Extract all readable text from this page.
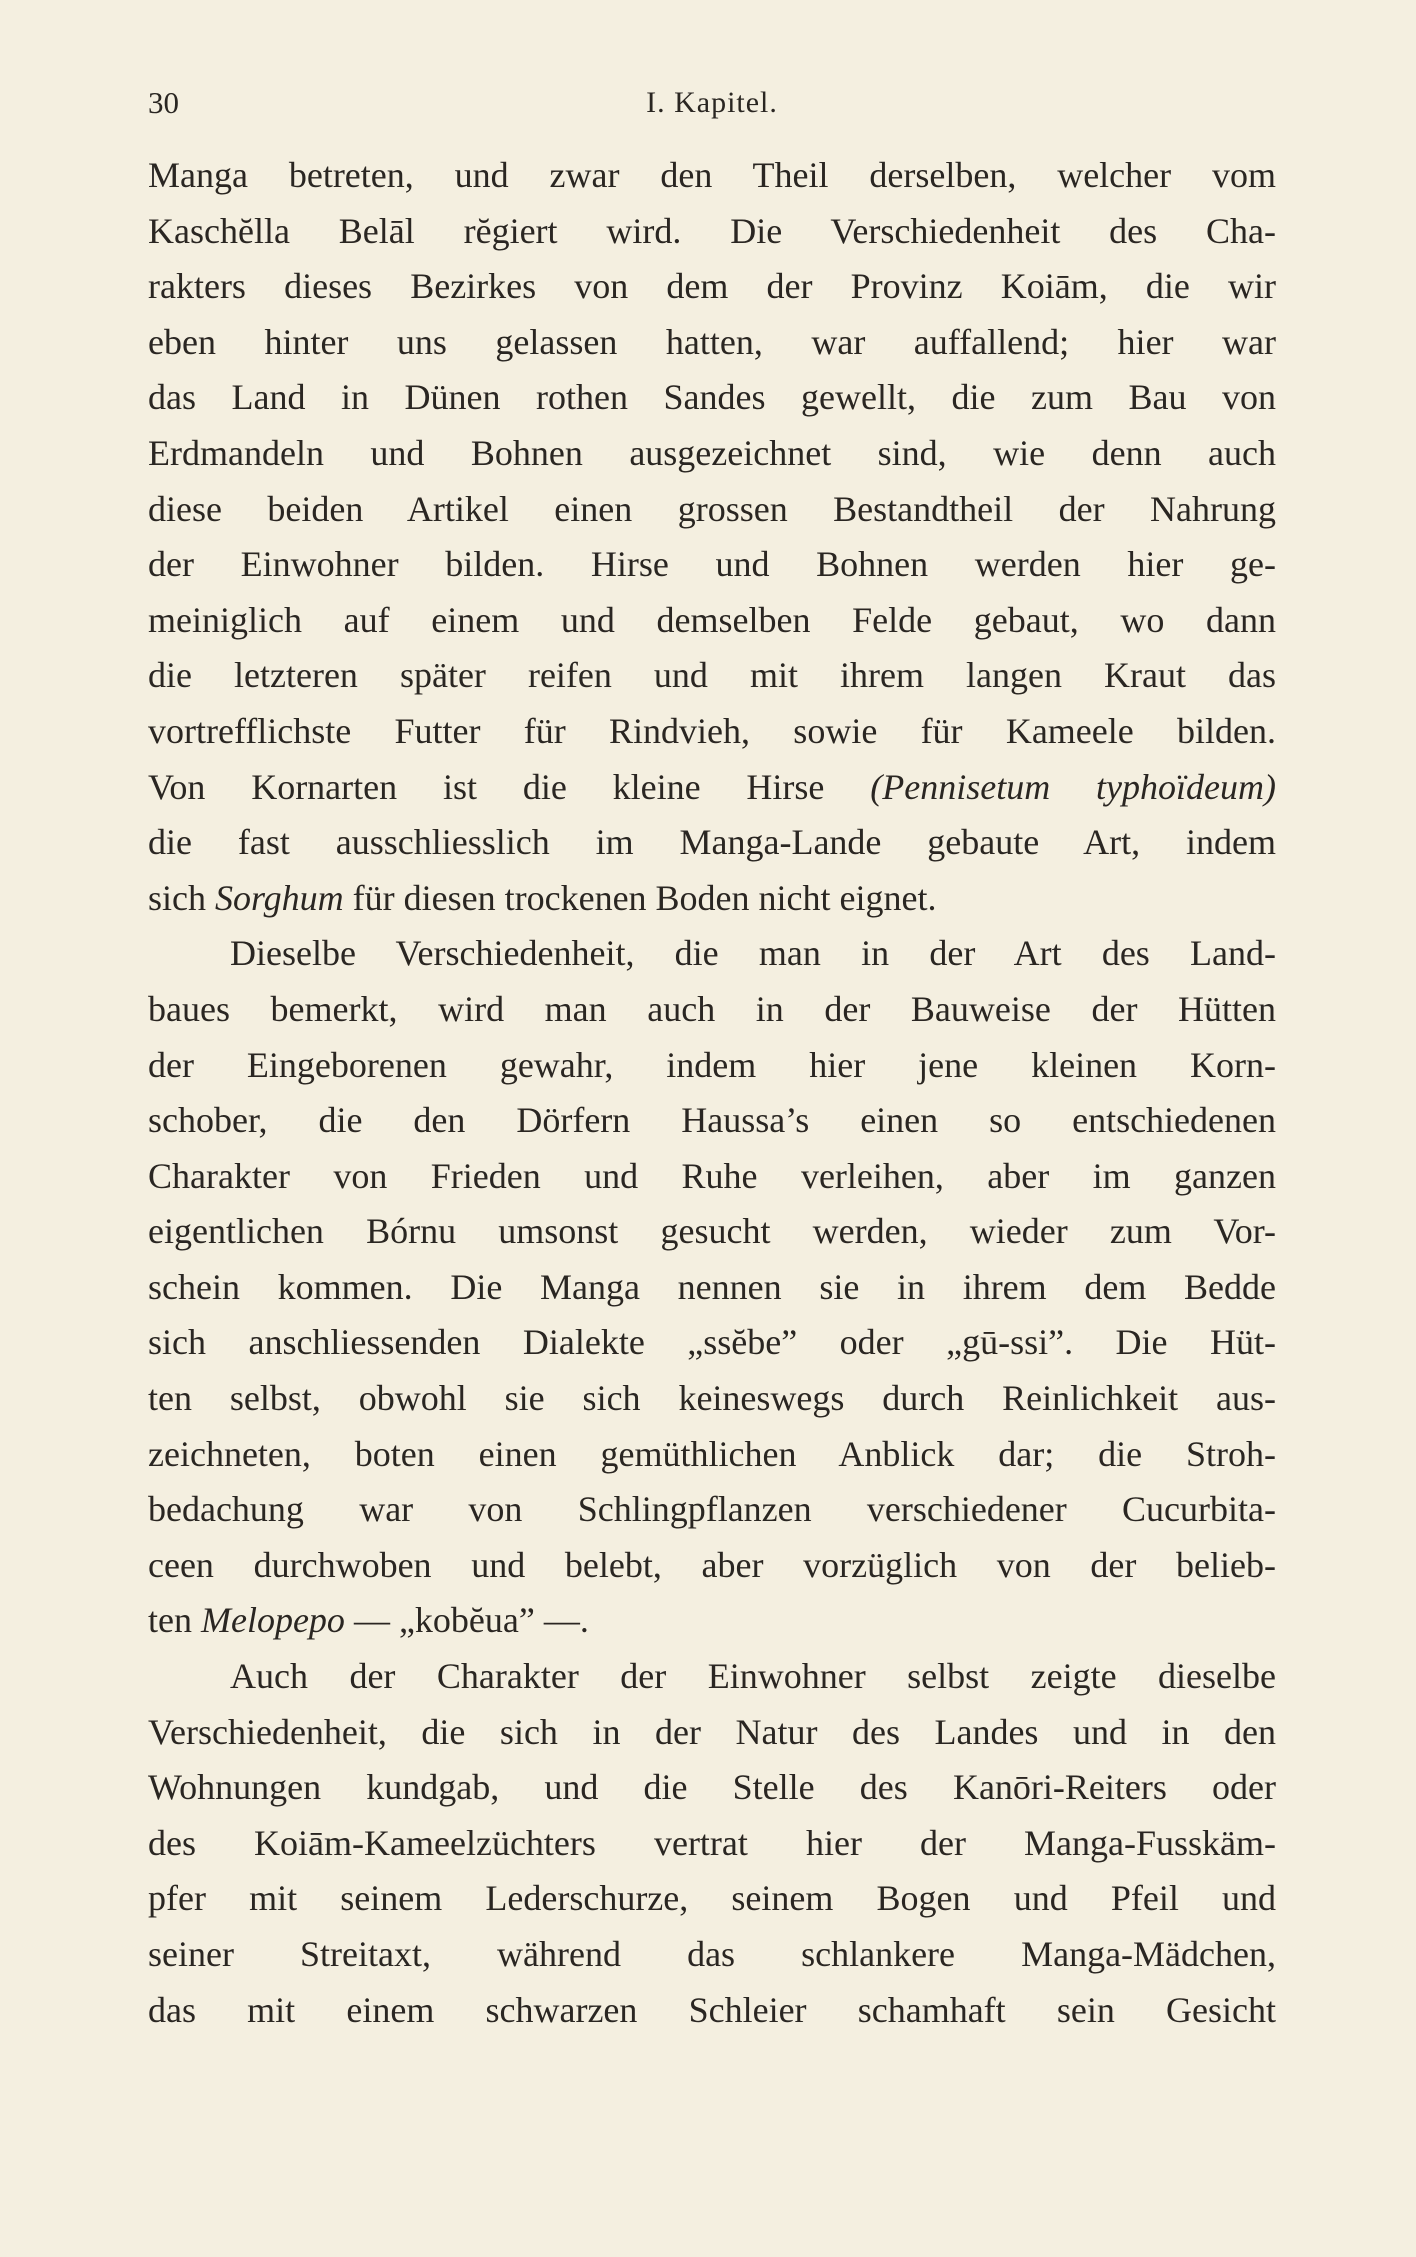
30	I. Kapitel.
Manga betreten, und zwar den Theil derselben, welcher vom
Kaschĕlla Belāl rĕgiert wird. Die Verschiedenheit des Cha-
rakters dieses Bezirkes von dem der Provinz Koiām, die wir
eben hinter uns gelassen hatten, war auffallend; hier war
das Land in Dünen rothen Sandes gewellt, die zum Bau von
Erdmandeln und Bohnen ausgezeichnet sind, wie denn auch
diese beiden Artikel einen grossen Bestandtheil der Nahrung
der Einwohner bilden. Hirse und Bohnen werden hier ge-
meiniglich auf einem und demselben Felde gebaut, wo dann
die letzteren später reifen und mit ihrem langen Kraut das
vortrefflichste Futter für Rindvieh, sowie für Kameele bilden.
Von Kornarten ist die kleine Hirse (Pennisetum typhoïdeum)
die fast ausschliesslich im Manga-Lande gebaute Art, indem
sich Sorghum für diesen trockenen Boden nicht eignet.
Dieselbe Verschiedenheit, die man in der Art des Land-
baues bemerkt, wird man auch in der Bauweise der Hütten
der Eingeborenen gewahr, indem hier jene kleinen Korn-
schober, die den Dörfern Haussa’s einen so entschiedenen
Charakter von Frieden und Ruhe verleihen, aber im ganzen
eigentlichen Bórnu umsonst gesucht werden, wieder zum Vor-
schein kommen. Die Manga nennen sie in ihrem dem Bedde
sich anschliessenden Dialekte „ssĕbe” oder „gū-ssi”. Die Hüt-
ten selbst, obwohl sie sich keineswegs durch Reinlichkeit aus-
zeichneten, boten einen gemüthlichen Anblick dar; die Stroh-
bedachung war von Schlingpflanzen verschiedener Cucurbita-
ceen durchwoben und belebt, aber vorzüglich von der belieb-
ten Melopepo — „kobĕua” —.
Auch der Charakter der Einwohner selbst zeigte dieselbe
Verschiedenheit, die sich in der Natur des Landes und in den
Wohnungen kundgab, und die Stelle des Kanōri-Reiters oder
des Koiām-Kameelzüchters vertrat hier der Manga-Fusskäm-
pfer mit seinem Lederschurze, seinem Bogen und Pfeil und
seiner Streitaxt, während das schlankere Manga-Mädchen,
das mit einem schwarzen Schleier schamhaft sein Gesicht
